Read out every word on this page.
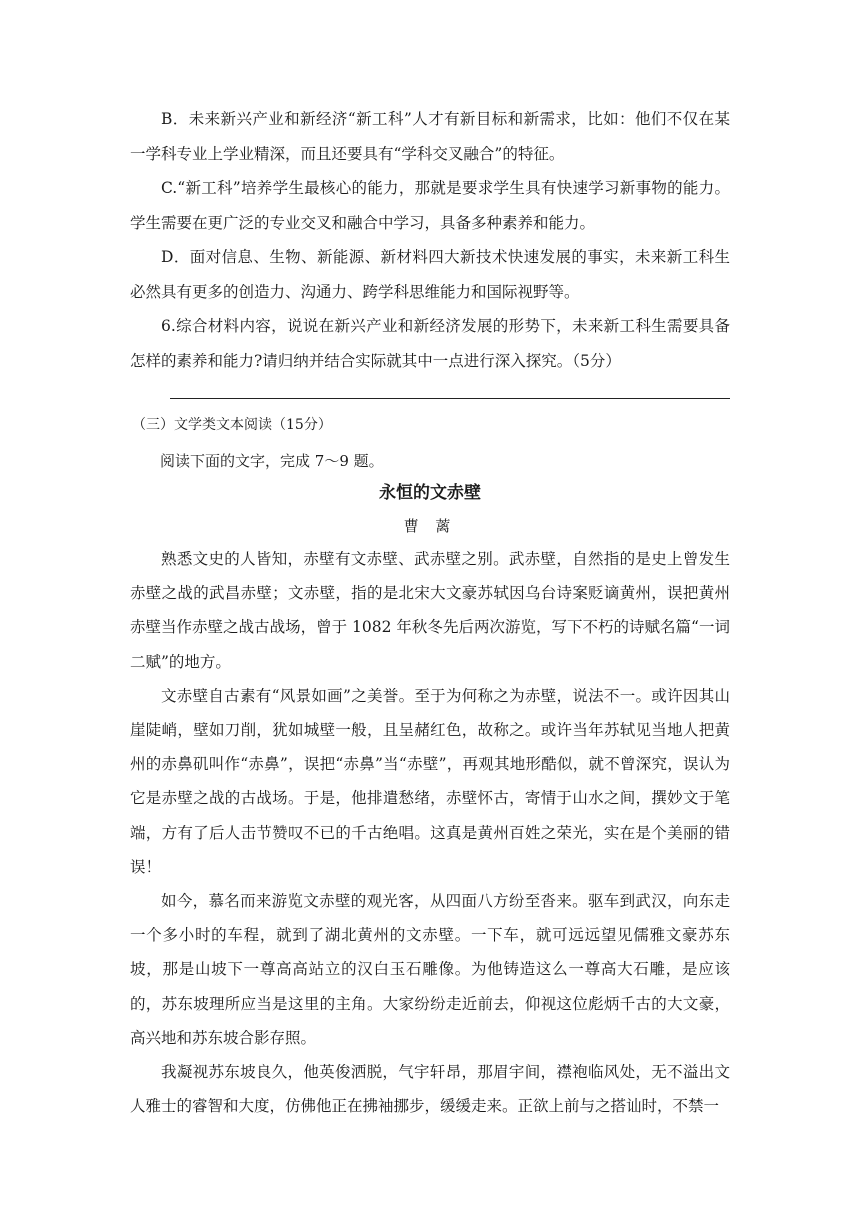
B．未来新兴产业和新经济“新工科”人才有新目标和新需求，比如：他们不仅在某一学科专业上学业精深，而且还要具有“学科交叉融合”的特征。

C.“新工科”培养学生最核心的能力，那就是要求学生具有快速学习新事物的能力。学生需要在更广泛的专业交叉和融合中学习，具备多种素养和能力。

D．面对信息、生物、新能源、新材料四大新技术快速发展的事实，未来新工科生必然具有更多的创造力、沟通力、跨学科思维能力和国际视野等。

6.综合材料内容，说说在新兴产业和新经济发展的形势下，未来新工科生需要具备怎样的素养和能力?请归纳并结合实际就其中一点进行深入探究。（5分）

（三）文学类文本阅读（15分）

阅读下面的文字，完成 7～9 题。

永恒的文赤壁

曹 蓠

熟悉文史的人皆知，赤壁有文赤壁、武赤壁之别。武赤壁，自然指的是史上曾发生赤壁之战的武昌赤壁；文赤壁，指的是北宋大文豪苏轼因乌台诗案贬谪黄州，误把黄州赤壁当作赤壁之战古战场，曾于 1082 年秋冬先后两次游览，写下不朽的诗赋名篇“一词二赋”的地方。

文赤壁自古素有“风景如画”之美誉。至于为何称之为赤壁，说法不一。或许因其山崖陡峭，壁如刀削，犹如城壁一般，且呈赭红色，故称之。或许当年苏轼见当地人把黄州的赤鼻矶叫作“赤鼻”，误把“赤鼻”当“赤壁”，再观其地形酷似，就不曾深究，误认为它是赤壁之战的古战场。于是，他排遣愁绪，赤壁怀古，寄情于山水之间，撰妙文于笔端，方有了后人击节赞叹不已的千古绝唱。这真是黄州百姓之荣光，实在是个美丽的错误！

如今，慕名而来游览文赤壁的观光客，从四面八方纷至沓来。驱车到武汉，向东走一个多小时的车程，就到了湖北黄州的文赤壁。一下车，就可远远望见儒雅文豪苏东坡，那是山坡下一尊高高站立的汉白玉石雕像。为他铸造这么一尊高大石雕，是应该的，苏东坡理所应当是这里的主角。大家纷纷走近前去，仰视这位彪炳千古的大文豪，高兴地和苏东坡合影存照。

我凝视苏东坡良久，他英俊洒脱，气宇轩昂，那眉宇间，襟袍临风处，无不溢出文人雅士的睿智和大度，仿佛他正在拂袖挪步，缓缓走来。正欲上前与之搭讪时，不禁一
